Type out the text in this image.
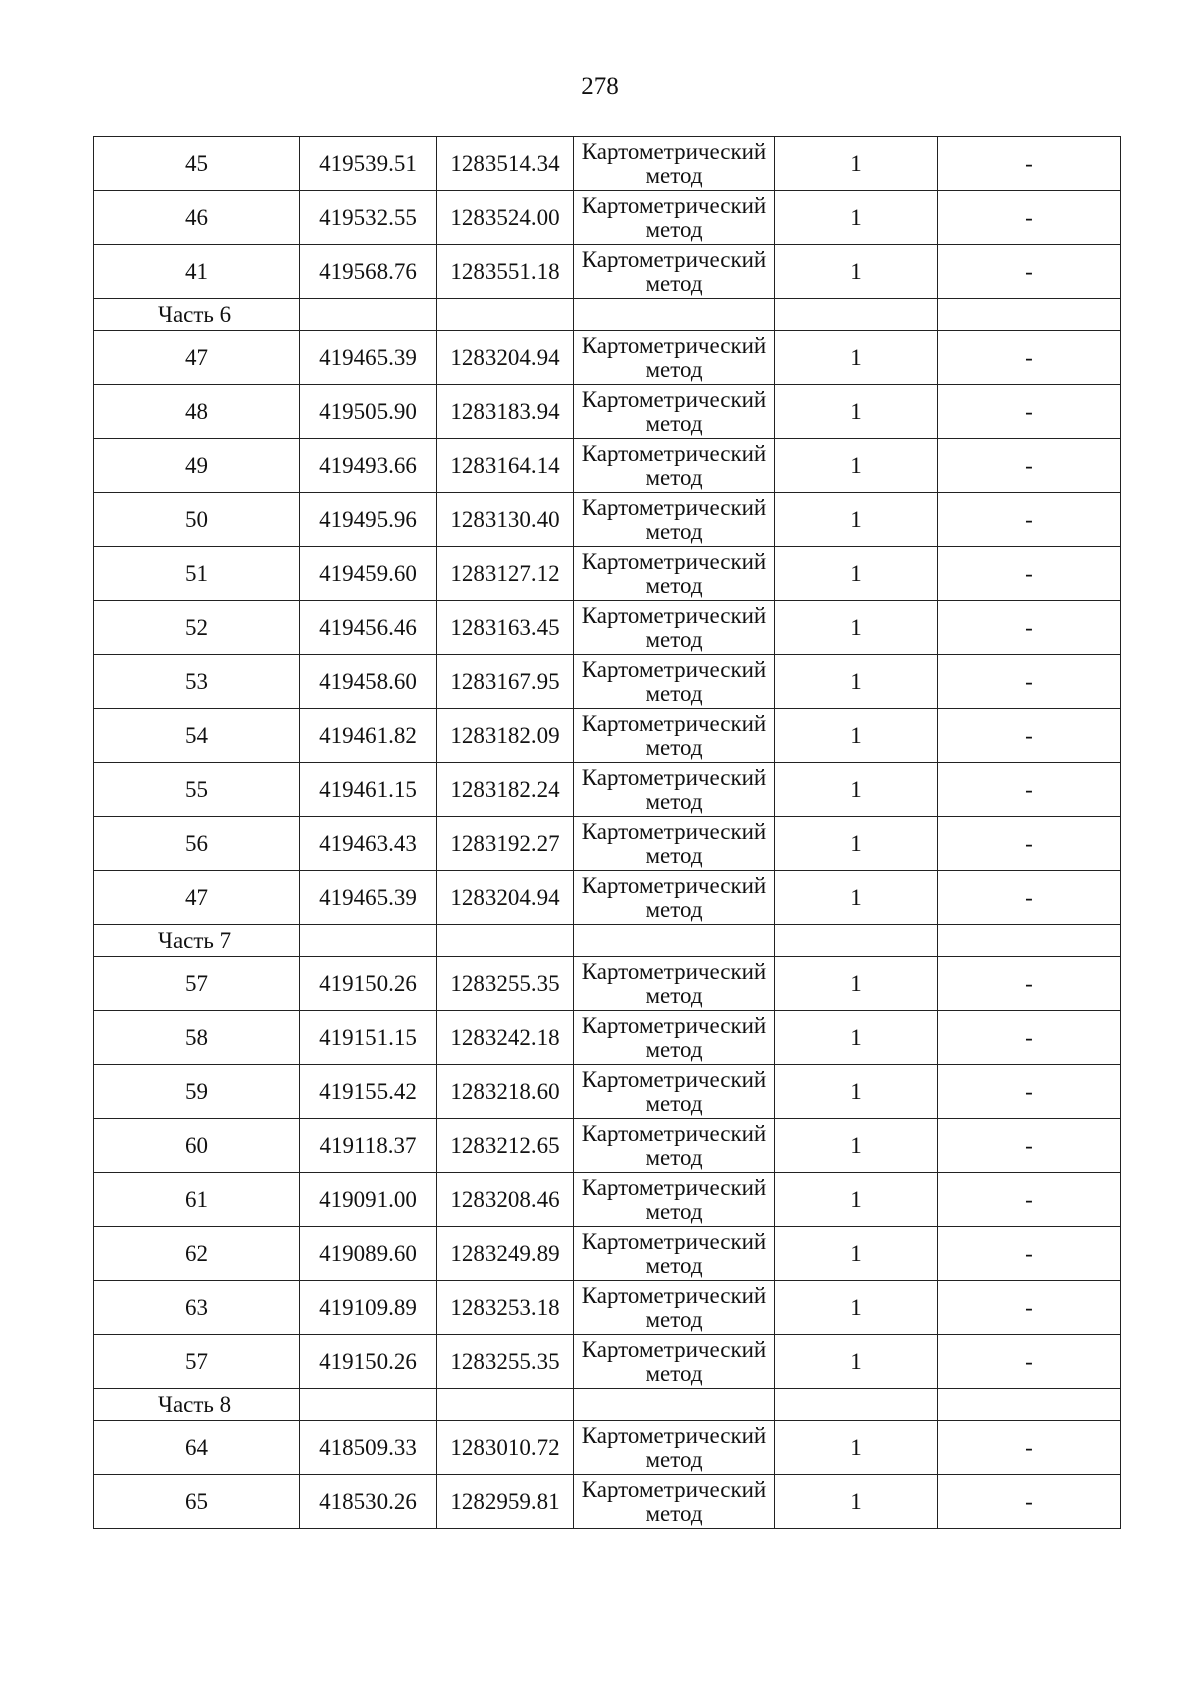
278
45	419539.51	1283514.34	Картометрический
метод	1	-
46	419532.55	1283524.00	Картометрический
метод	1	-
41	419568.76	1283551.18	Картометрический
метод	1	-
Часть 6					
47	419465.39	1283204.94	Картометрический
метод	1	-
48	419505.90	1283183.94	Картометрический
метод	1	-
49	419493.66	1283164.14	Картометрический
метод	1	-
50	419495.96	1283130.40	Картометрический
метод	1	-
51	419459.60	1283127.12	Картометрический
метод	1	-
52	419456.46	1283163.45	Картометрический
метод	1	-
53	419458.60	1283167.95	Картометрический
метод	1	-
54	419461.82	1283182.09	Картометрический
метод	1	-
55	419461.15	1283182.24	Картометрический
метод	1	-
56	419463.43	1283192.27	Картометрический
метод	1	-
47	419465.39	1283204.94	Картометрический
метод	1	-
Часть 7					
57	419150.26	1283255.35	Картометрический
метод	1	-
58	419151.15	1283242.18	Картометрический
метод	1	-
59	419155.42	1283218.60	Картометрический
метод	1	-
60	419118.37	1283212.65	Картометрический
метод	1	-
61	419091.00	1283208.46	Картометрический
метод	1	-
62	419089.60	1283249.89	Картометрический
метод	1	-
63	419109.89	1283253.18	Картометрический
метод	1	-
57	419150.26	1283255.35	Картометрический
метод	1	-
Часть 8					
64	418509.33	1283010.72	Картометрический
метод	1	-
65	418530.26	1282959.81	Картометрический
метод	1	-
